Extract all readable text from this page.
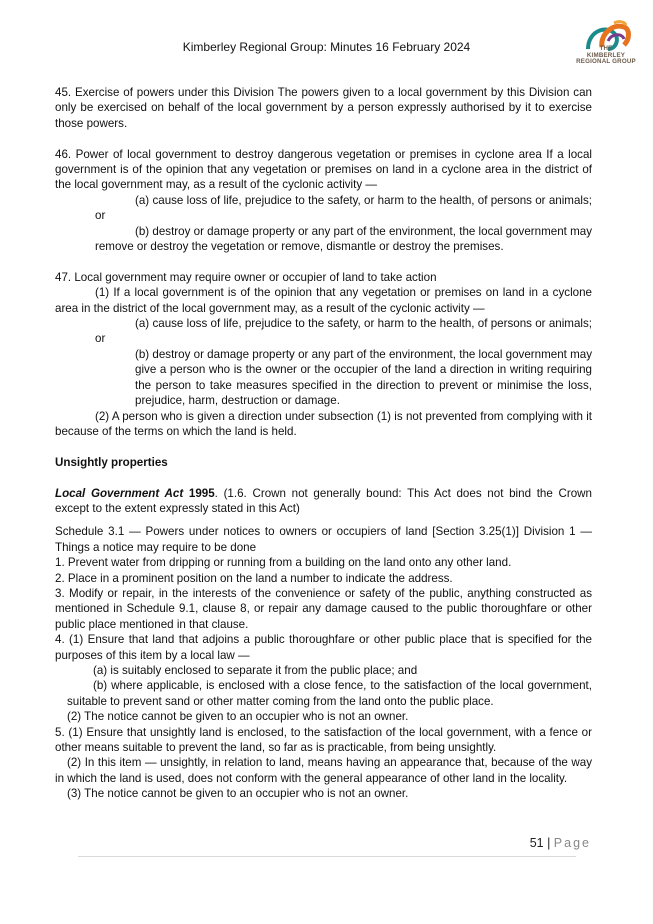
Kimberley Regional Group: Minutes 16 February 2024	THE
KIMBERLEY
REGIONAL GROUP

45. Exercise of powers under this Division The powers given to a local government by this Division can only be exercised on behalf of the local government by a person expressly authorised by it to exercise those powers.

46. Power of local government to destroy dangerous vegetation or premises in cyclone area If a local government is of the opinion that any vegetation or premises on land in a cyclone area in the district of the local government may, as a result of the cyclonic activity —

(a) cause loss of life, prejudice to the safety, or harm to the health, of persons or animals; or

(b) destroy or damage property or any part of the environment, the local government may remove or destroy the vegetation or remove, dismantle or destroy the premises.

47. Local government may require owner or occupier of land to take action

(1) If a local government is of the opinion that any vegetation or premises on land in a cyclone area in the district of the local government may, as a result of the cyclonic activity —

(a) cause loss of life, prejudice to the safety, or harm to the health, of persons or animals; or

(b) destroy or damage property or any part of the environment, the local government may give a person who is the owner or the occupier of the land a direction in writing requiring the person to take measures specified in the direction to prevent or minimise the loss, prejudice, harm, destruction or damage.

(2) A person who is given a direction under subsection (1) is not prevented from complying with it because of the terms on which the land is held.

Unsightly properties

Local Government Act 1995. (1.6. Crown not generally bound: This Act does not bind the Crown except to the extent expressly stated in this Act)

Schedule 3.1 — Powers under notices to owners or occupiers of land [Section 3.25(1)] Division 1 — Things a notice may require to be done

1. Prevent water from dripping or running from a building on the land onto any other land.

2. Place in a prominent position on the land a number to indicate the address.

3. Modify or repair, in the interests of the convenience or safety of the public, anything constructed as mentioned in Schedule 9.1, clause 8, or repair any damage caused to the public thoroughfare or other public place mentioned in that clause.

4. (1) Ensure that land that adjoins a public thoroughfare or other public place that is specified for the purposes of this item by a local law —

(a) is suitably enclosed to separate it from the public place; and

(b) where applicable, is enclosed with a close fence, to the satisfaction of the local government, suitable to prevent sand or other matter coming from the land onto the public place.

(2) The notice cannot be given to an occupier who is not an owner.

5. (1) Ensure that unsightly land is enclosed, to the satisfaction of the local government, with a fence or other means suitable to prevent the land, so far as is practicable, from being unsightly.

(2) In this item — unsightly, in relation to land, means having an appearance that, because of the way in which the land is used, does not conform with the general appearance of other land in the locality.

(3) The notice cannot be given to an occupier who is not an owner.

51 | Page
